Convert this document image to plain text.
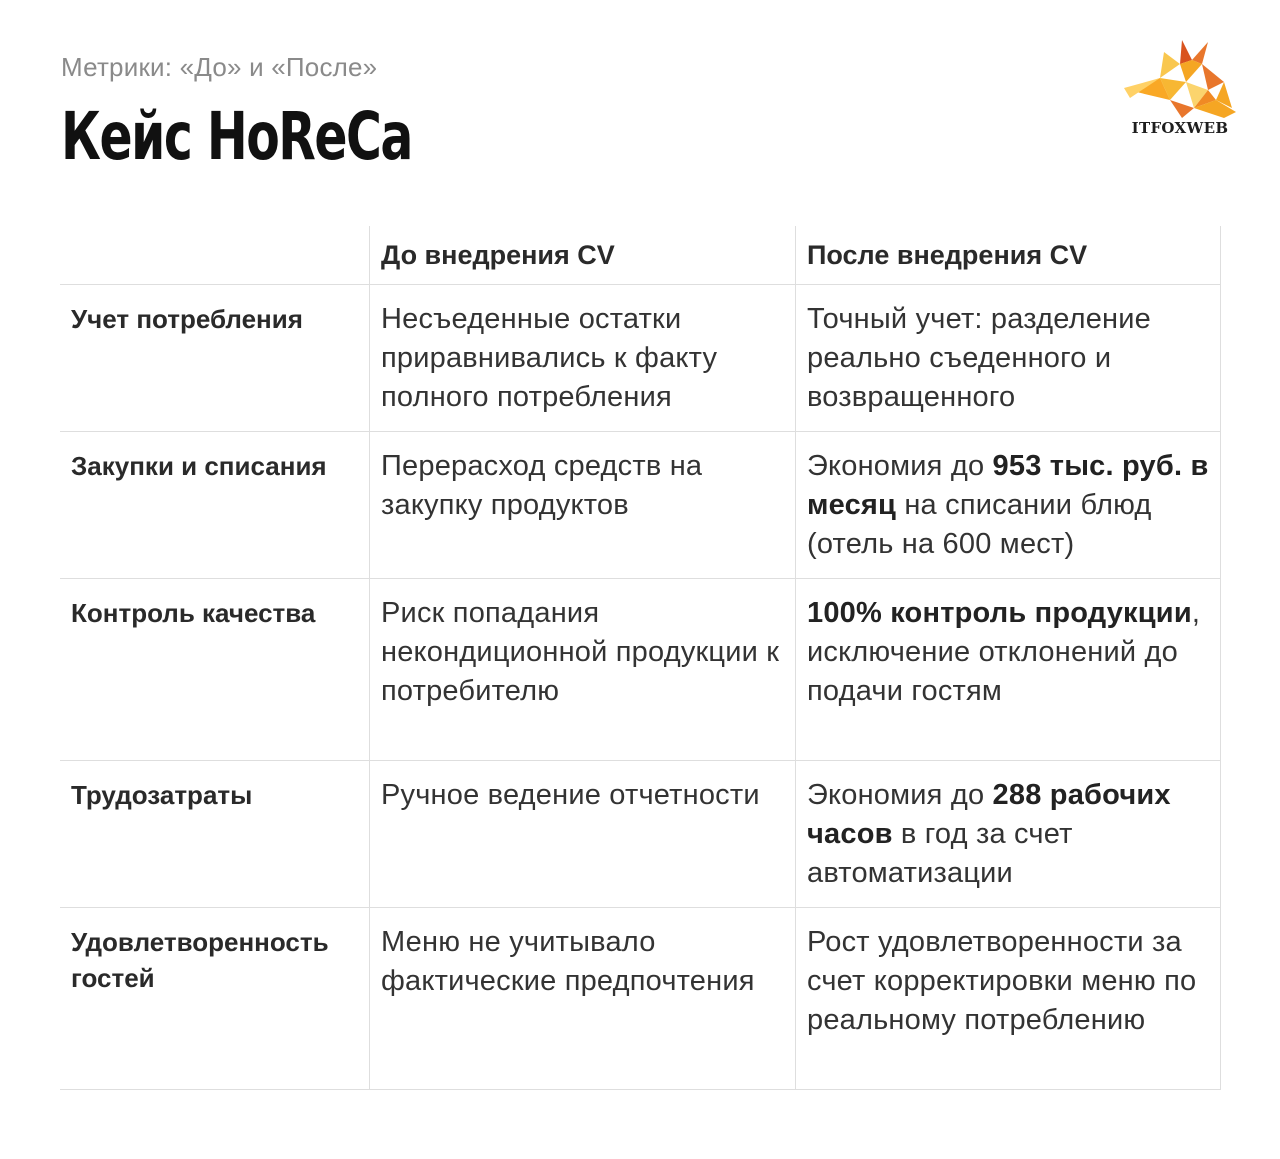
Метрики: «До» и «После»
Кейс HoReCa	ITFOXWEB

	До внедрения CV	После внедрения CV

Учет потребления	Несъеденные остатки приравнивались к факту полного потребления	Точный учет: разделение реально съеденного и возвращенного

Закупки и списания	Перерасход средств на закупку продуктов	Экономия до 953 тыс. руб. в месяц на списании блюд (отель на 600 мест)

Контроль качества	Риск попадания некондиционной продукции к потребителю	100% контроль продукции, исключение отклонений до подачи гостям

Трудозатраты	Ручное ведение отчетности	Экономия до 288 рабочих часов в год за счет автоматизации

Удовлетворенность гостей	Меню не учитывало фактические предпочтения	Рост удовлетворенности за счет корректировки меню по реальному потреблению
